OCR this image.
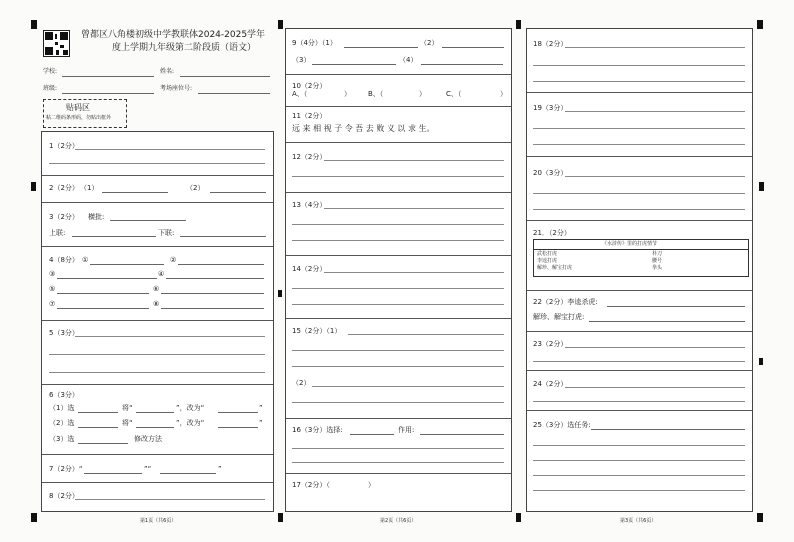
曾都区八角楼初级中学教联体2024-2025学年
度上学期九年级第二阶段质（语文）
学校:	姓名:
班级:	考场座位号:
贴码区
粘二维码条形码，勿贴出框外
1（2分）
2（2分） （1）	（2）
3（2分） 横批:
上联:	下联:
4（8分） ①	②
③	④
⑤	⑥
⑦	⑧
5（3分）
6（3分）
（1）选	将“	”，改为“	”
（2）选	将“	”，改为“	”
（3）选	修改方法
7（2分）“	”“	”
8（2分）
第1页（共6页）
9（4分）（1）	（2）
（3）	（4）
10（2分）
A、（	） B、（	）	C、（	）
11（2分）
远 来 相 视 子 令 吾 去 败 义 以 求 生。
12（2分）
13（4分）
14（2分）
15（2分）（1）
（2）
16（3分）选择:	作用:
17（2分）（	）
第2页（共6页）
18（2分）
19（3分）
20（3分）
21．（2分）
《水浒传》里的打虎情节
武松打虎	朴刀
李逵打虎	腰号
解珍、解宝打虎	拳头
22（2分）李逵杀虎:
解珍、解宝打虎:
23（2分）
24（2分）
25（3分）选任务:
第3页（共6页）
